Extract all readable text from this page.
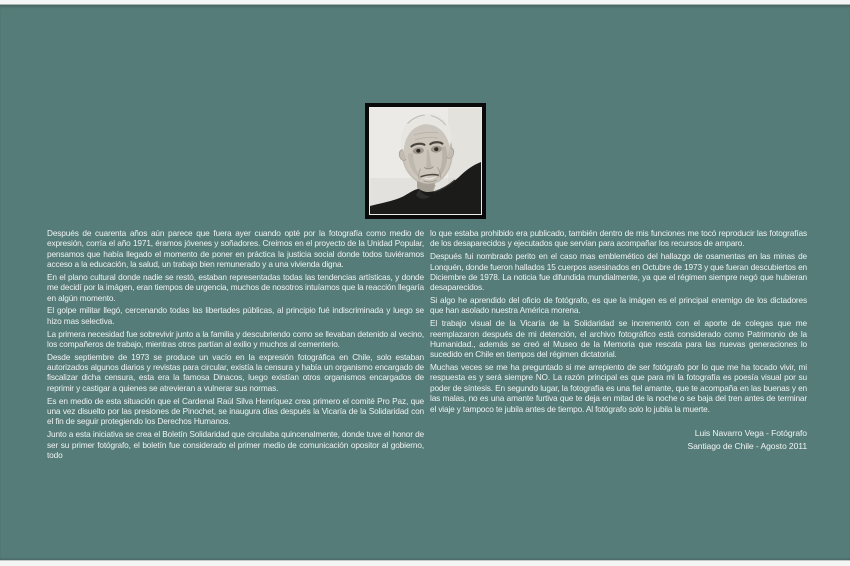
Después de cuarenta años aún parece que fuera ayer cuando opté por la fotografía como medio de expresión, corría el año 1971, éramos jóvenes y soñadores. Creimos en el proyecto de la Unidad Popular, pensamos que había llegado el momento de poner en práctica la justicia social donde todos tuviéramos acceso a la educación, la salud, un trabajo bien remunerado y a una vivienda digna.

En el plano cultural donde nadie se restó, estaban representadas todas las tendencias artísticas, y donde me decidí por la imágen, eran tiempos de urgencia, muchos de nosotros intuíamos que la reacción llegaría en algún momento.

El golpe militar llegó, cercenando todas las libertades públicas, al principio fué indiscriminada y luego se hizo mas selectiva.

La primera necesidad fue sobrevivir junto a la familia y descubriendo como se llevaban detenido al vecino, los compañeros de trabajo, mientras otros partían al exilio y muchos al cementerio.

Desde septiembre de 1973 se produce un vacío en la expresión fotográfica en Chile, solo estaban autorizados algunos diarios y revistas para circular, existía la censura y había un organismo encargado de fiscalizar dicha censura, esta era la famosa Dinacos, luego existían otros organismos encargados de reprimir y castigar a quienes se atrevieran a vulnerar sus normas.

Es en medio de esta situación que el Cardenal Raúl Silva Henríquez crea primero el comité Pro Paz, que una vez disuelto por las presiones de Pinochet, se inaugura días después la Vicaría de la Solidaridad con el fin de seguir protegiendo los Derechos Humanos.

Junto a esta iniciativa se crea el Boletín Solidaridad que circulaba quincenalmente, donde tuve el honor de ser su primer fotógrafo, el boletín fue considerado el primer medio de comunicación opositor al gobierno, todo

lo que estaba prohibido era publicado, también dentro de mis funciones me tocó reproducir las fotografías de los desaparecidos y ejecutados que servían para acompañar los recursos de amparo.

Después fui nombrado perito en el caso mas emblemético del hallazgo de osamentas en las minas de Lonquén, donde fueron hallados 15 cuerpos asesinados en Octubre de 1973 y que fueran descubiertos en Diciembre de 1978. La noticia fue difundida mundialmente, ya que el régimen siempre negó que hubieran desaparecidos.

Si algo he aprendido del oficio de fotógrafo, es que la imágen es el principal enemigo de los dictadores que han asolado nuestra América morena.

El trabajo visual de la Vicaría de la Solidaridad se incrementó con el aporte de colegas que me reemplazaron después de mi detención, el archivo fotográfico está considerado como Patrimonio de la Humanidad., además se creó el Museo de la Memoria que rescata para las nuevas generaciones lo sucedido en Chile en tiempos del régimen dictatorial.

Muchas veces se me ha preguntado si me arrepiento de ser fotógrafo por lo que me ha tocado vivir, mi respuesta es y será siempre NO. La razón principal es que para mi la fotografía es poesía visual por su poder de síntesis. En segundo lugar, la fotografía es una fiel amante, que te acompaña en las buenas y en las malas, no es una amante furtiva que te deja en mitad de la noche o se baja del tren antes de terminar el viaje y tampoco te jubila antes de tiempo. Al fotógrafo solo lo jubila la muerte.

Luis Navarro Vega - Fotógrafo
Santiago de Chile - Agosto 2011
